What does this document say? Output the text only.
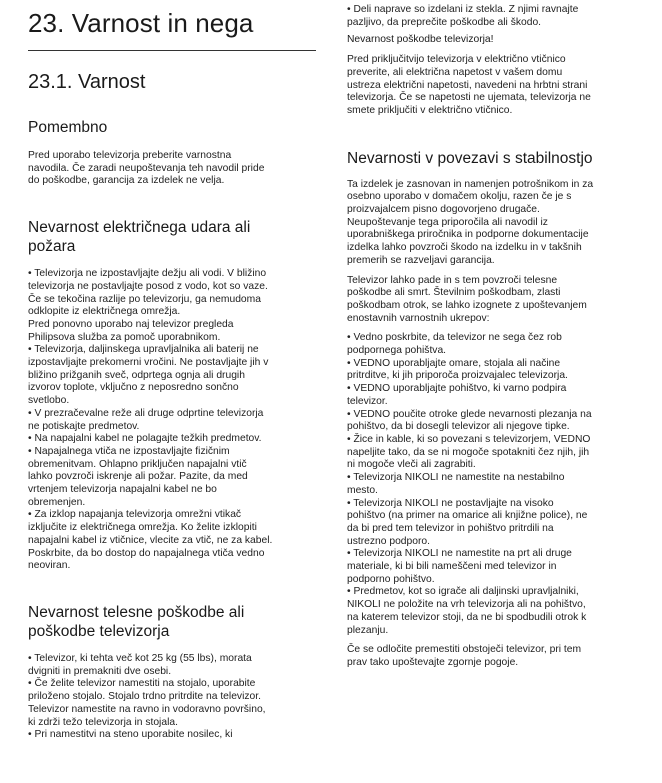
23. Varnost in nega
23.1. Varnost
Pomembno
Pred uporabo televizorja preberite varnostna
navodila. Če zaradi neupoštevanja teh navodil pride
do poškodbe, garancija za izdelek ne velja.
Nevarnost električnega udara ali
požara
• Televizorja ne izpostavljajte dežju ali vodi. V bližino
televizorja ne postavljajte posod z vodo, kot so vaze.
Če se tekočina razlije po televizorju, ga nemudoma
odklopite iz električnega omrežja.
Pred ponovno uporabo naj televizor pregleda
Philipsova služba za pomoč uporabnikom.
• Televizorja, daljinskega upravljalnika ali baterij ne
izpostavljajte prekomerni vročini. Ne postavljajte jih v
bližino prižganih sveč, odprtega ognja ali drugih
izvorov toplote, vključno z neposredno sončno
svetlobo.
• V prezračevalne reže ali druge odprtine televizorja
ne potiskajte predmetov.
• Na napajalni kabel ne polagajte težkih predmetov.
• Napajalnega vtiča ne izpostavljajte fizičnim
obremenitvam. Ohlapno priključen napajalni vtič
lahko povzroči iskrenje ali požar. Pazite, da med
vrtenjem televizorja napajalni kabel ne bo
obremenjen.
• Za izklop napajanja televizorja omrežni vtikač
izključite iz električnega omrežja. Ko želite izklopiti
napajalni kabel iz vtičnice, vlecite za vtič, ne za kabel.
Poskrbite, da bo dostop do napajalnega vtiča vedno
neoviran.
Nevarnost telesne poškodbe ali
poškodbe televizorja
• Televizor, ki tehta več kot 25 kg (55 lbs), morata
dvigniti in premakniti dve osebi.
• Če želite televizor namestiti na stojalo, uporabite
priloženo stojalo. Stojalo trdno pritrdite na televizor.
Televizor namestite na ravno in vodoravno površino,
ki zdrži težo televizorja in stojala.
• Pri namestitvi na steno uporabite nosilec, ki
• Deli naprave so izdelani iz stekla. Z njimi ravnajte
pazljivo, da preprečite poškodbe ali škodo.
Nevarnost poškodbe televizorja!
Pred priključitvijo televizorja v električno vtičnico
preverite, ali električna napetost v vašem domu
ustreza električni napetosti, navedeni na hrbtni strani
televizorja. Če se napetosti ne ujemata, televizorja ne
smete priključiti v električno vtičnico.
Nevarnosti v povezavi s stabilnostjo
Ta izdelek je zasnovan in namenjen potrošnikom in za
osebno uporabo v domačem okolju, razen če je s
proizvajalcem pisno dogovorjeno drugače.
Neupoštevanje tega priporočila ali navodil iz
uporabniškega priročnika in podporne dokumentacije
izdelka lahko povzroči škodo na izdelku in v takšnih
premerih se razveljavi garancija.
Televizor lahko pade in s tem povzroči telesne
poškodbe ali smrt. Številnim poškodbam, zlasti
poškodbam otrok, se lahko izognete z upoštevanjem
enostavnih varnostnih ukrepov:
• Vedno poskrbite, da televizor ne sega čez rob
podpornega pohištva.
• VEDNO uporabljajte omare, stojala ali načine
pritrditve, ki jih priporoča proizvajalec televizorja.
• VEDNO uporabljajte pohištvo, ki varno podpira
televizor.
• VEDNO poučite otroke glede nevarnosti plezanja na
pohištvo, da bi dosegli televizor ali njegove tipke.
• Žice in kable, ki so povezani s televizorjem, VEDNO
napeljite tako, da se ni mogoče spotakniti čez njih, jih
ni mogoče vleči ali zagrabiti.
• Televizorja NIKOLI ne namestite na nestabilno
mesto.
• Televizorja NIKOLI ne postavljajte na visoko
pohištvo (na primer na omarice ali knjižne police), ne
da bi pred tem televizor in pohištvo pritrdili na
ustrezno podporo.
• Televizorja NIKOLI ne namestite na prt ali druge
materiale, ki bi bili nameščeni med televizor in
podporno pohištvo.
• Predmetov, kot so igrače ali daljinski upravljalniki,
NIKOLI ne položite na vrh televizorja ali na pohištvo,
na katerem televizor stoji, da ne bi spodbudili otrok k
plezanju.
Če se odločite premestiti obstoječi televizor, pri tem
prav tako upoštevajte zgornje pogoje.
